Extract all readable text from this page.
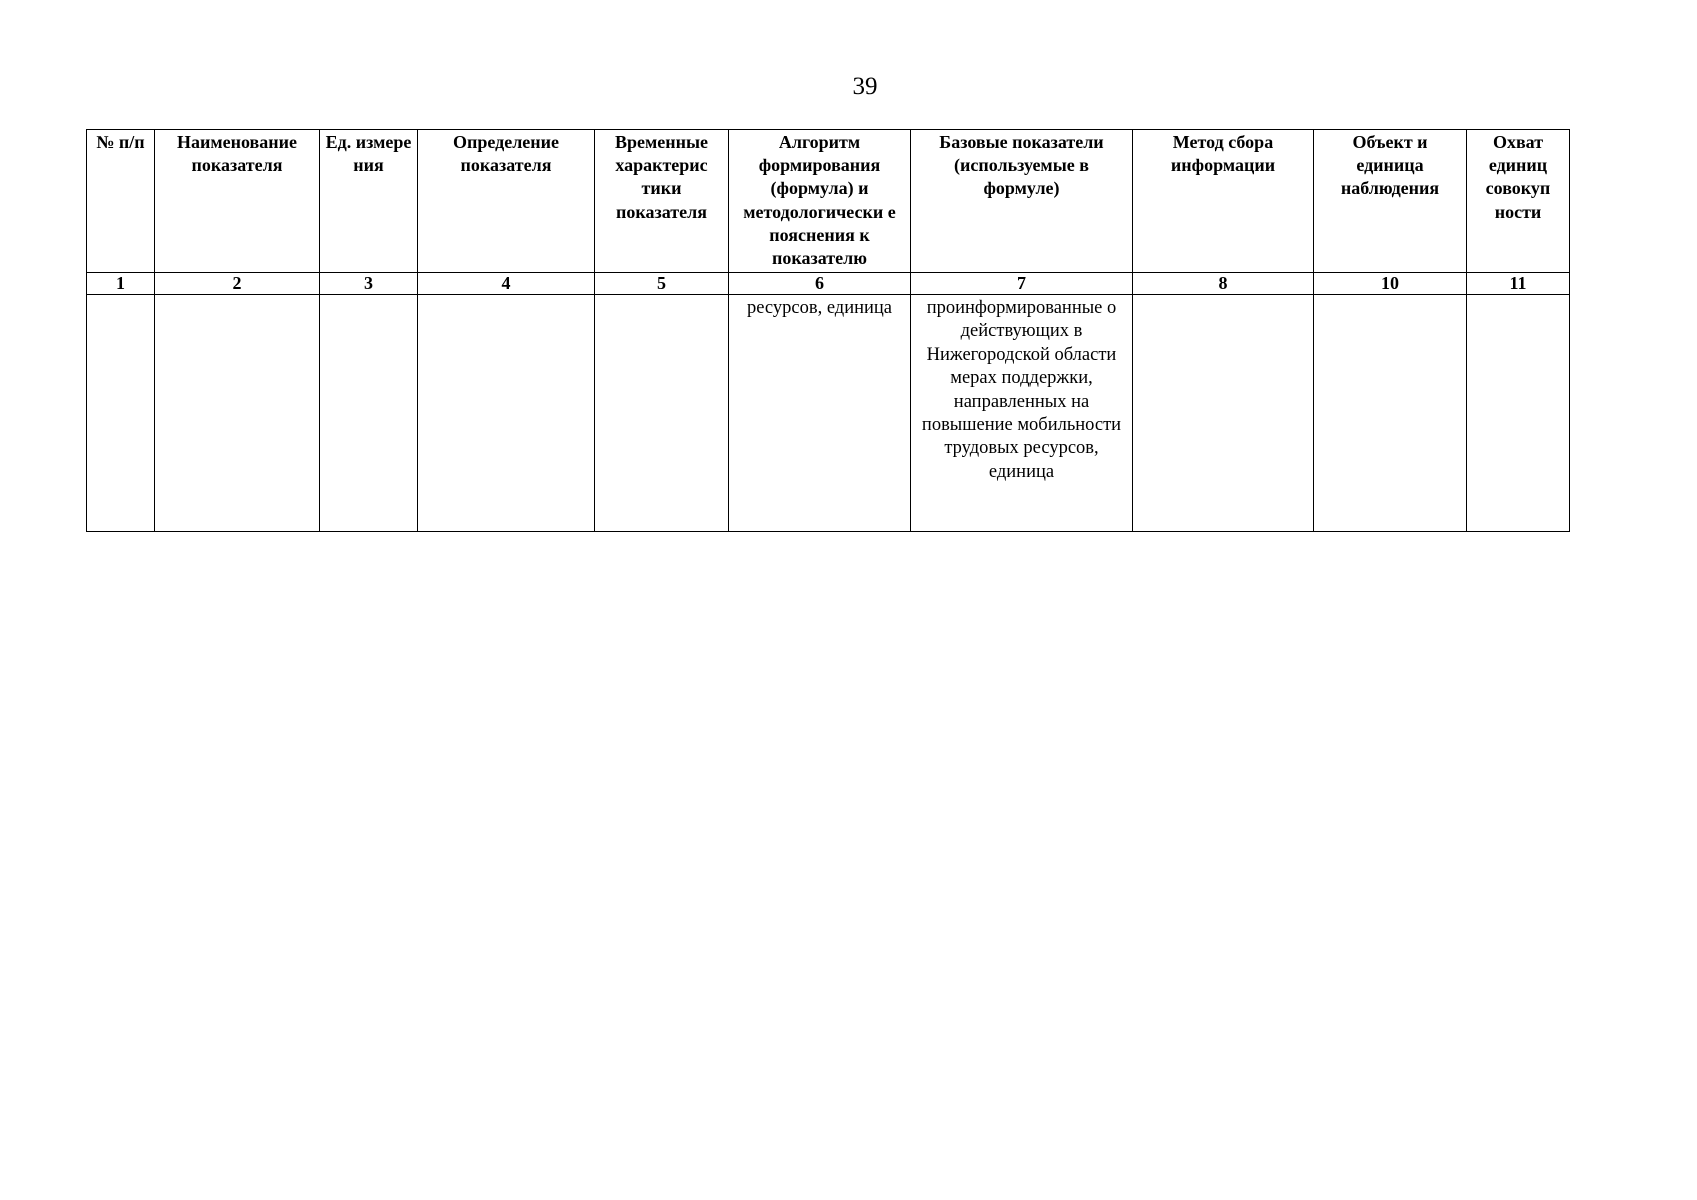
39
№ п/п	Наименование показателя	Ед. измере ния	Определение показателя	Временные характерис тики показателя	Алгоритм формирования (формула) и методологически е пояснения к показателю	Базовые показатели (используемые в формуле)	Метод сбора информации	Объект и единица наблюдения	Охват единиц совокуп ности
1	2	3	4	5	6	7	8	10	11
					ресурсов, единица	проинформированные о действующих в Нижегородской области мерах поддержки, направленных на повышение мобильности трудовых ресурсов, единица			
